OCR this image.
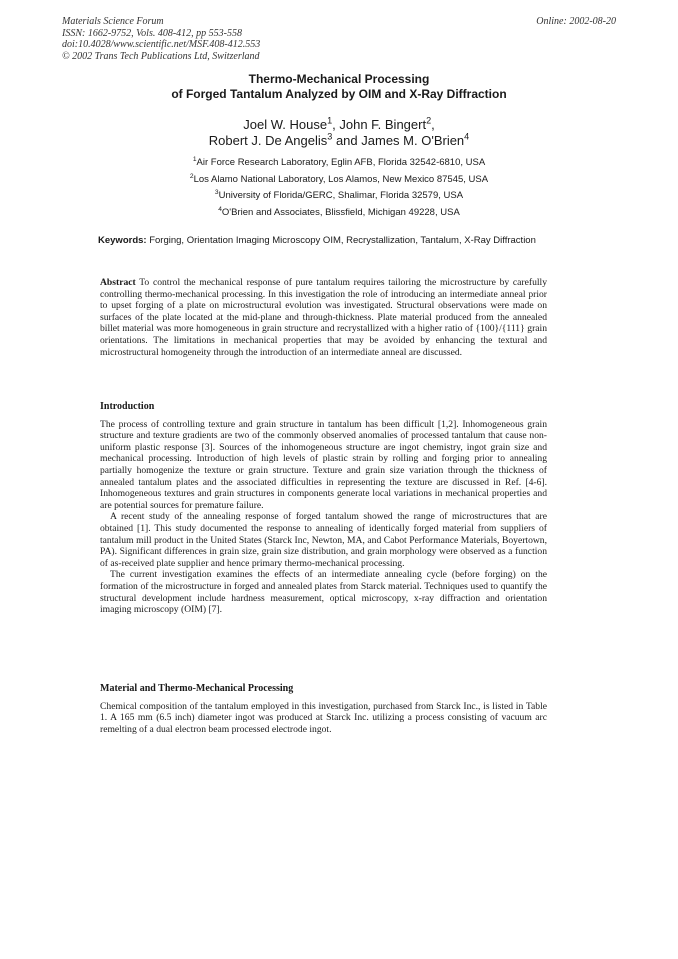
Materials Science Forum
ISSN: 1662-9752, Vols. 408-412, pp 553-558
doi:10.4028/www.scientific.net/MSF.408-412.553
© 2002 Trans Tech Publications Ltd, Switzerland
Online: 2002-08-20
Thermo-Mechanical Processing
of Forged Tantalum Analyzed by OIM and X-Ray Diffraction
Joel W. House$^1$, John F. Bingert$^2$,
Robert J. De Angelis$^3$ and James M. O'Brien$^4$
$^1$Air Force Research Laboratory, Eglin AFB, Florida 32542-6810, USA
$^2$Los Alamo National Laboratory, Los Alamos, New Mexico 87545, USA
$^3$University of Florida/GERC, Shalimar, Florida 32579, USA
$^4$O'Brien and Associates, Blissfield, Michigan 49228, USA
Keywords: Forging, Orientation Imaging Microscopy OIM, Recrystallization, Tantalum, X-Ray Diffraction

Abstract To control the mechanical response of pure tantalum requires tailoring the microstructure by carefully controlling thermo-mechanical processing. In this investigation the role of introducing an intermediate anneal prior to upset forging of a plate on microstructural evolution was investigated. Structural observations were made on surfaces of the plate located at the mid-plane and through-thickness. Plate material produced from the annealed billet material was more homogeneous in grain structure and recrystallized with a higher ratio of {100}/{111} grain orientations. The limitations in mechanical properties that may be avoided by enhancing the textural and microstructural homogeneity through the introduction of an intermediate anneal are discussed.

Introduction

The process of controlling texture and grain structure in tantalum has been difficult [1,2]. Inhomogeneous grain structure and texture gradients are two of the commonly observed anomalies of processed tantalum that cause non-uniform plastic response [3]. Sources of the inhomogeneous structure are ingot chemistry, ingot grain size and mechanical processing. Introduction of high levels of plastic strain by rolling and forging prior to annealing partially homogenize the texture or grain structure. Texture and grain size variation through the thickness of annealed tantalum plates and the associated difficulties in representing the texture are discussed in Ref. [4-6]. Inhomogeneous textures and grain structures in components generate local variations in mechanical properties and are potential sources for premature failure.

A recent study of the annealing response of forged tantalum showed the range of microstructures that are obtained [1]. This study documented the response to annealing of identically forged material from suppliers of tantalum mill product in the United States (Starck Inc, Newton, MA, and Cabot Performance Materials, Boyertown, PA). Significant differences in grain size, grain size distribution, and grain morphology were observed as a function of as-received plate supplier and hence primary thermo-mechanical processing.

The current investigation examines the effects of an intermediate annealing cycle (before forging) on the formation of the microstructure in forged and annealed plates from Starck material. Techniques used to quantify the structural development include hardness measurement, optical microscopy, x-ray diffraction and orientation imaging microscopy (OIM) [7].

Material and Thermo-Mechanical Processing

Chemical composition of the tantalum employed in this investigation, purchased from Starck Inc., is listed in Table 1. A 165 mm (6.5 inch) diameter ingot was produced at Starck Inc. utilizing a process consisting of vacuum arc remelting of a dual electron beam processed electrode ingot.
